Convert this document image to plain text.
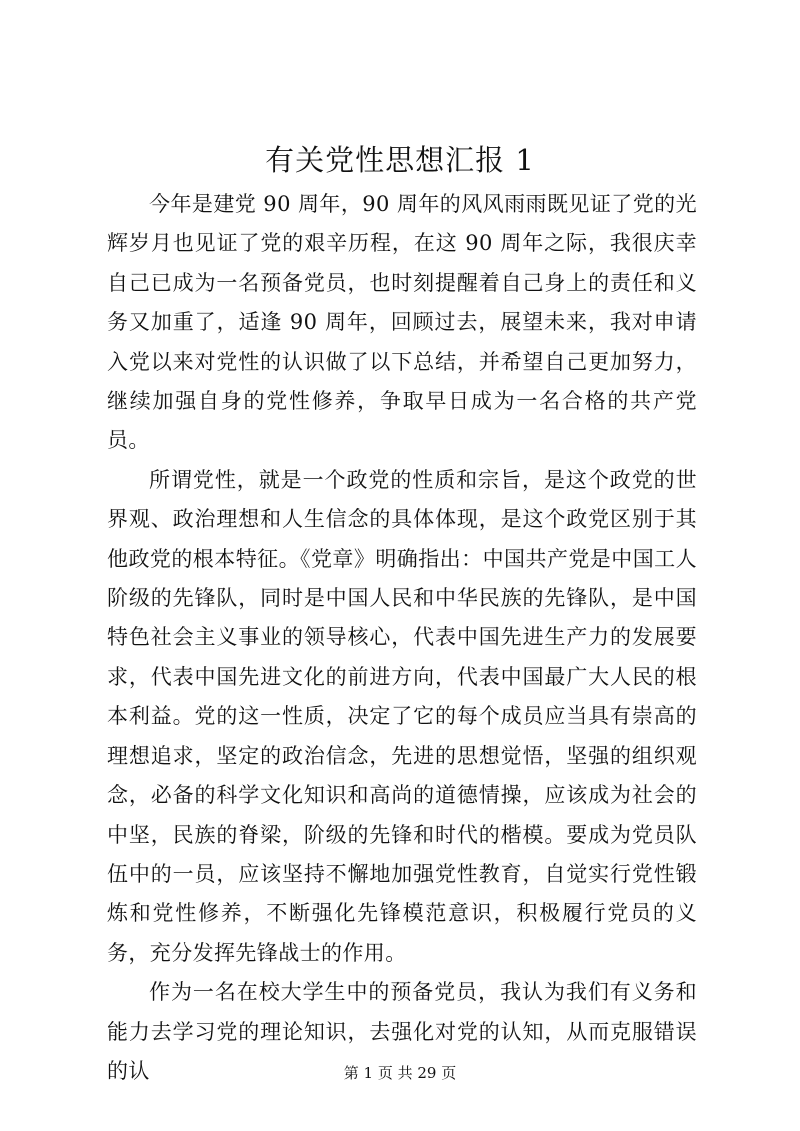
有关党性思想汇报 1

今年是建党 90 周年，90 周年的风风雨雨既见证了党的光辉岁月也见证了党的艰辛历程，在这 90 周年之际，我很庆幸自己已成为一名预备党员，也时刻提醒着自己身上的责任和义务又加重了，适逢 90 周年，回顾过去，展望未来，我对申请入党以来对党性的认识做了以下总结，并希望自己更加努力，继续加强自身的党性修养，争取早日成为一名合格的共产党员。

所谓党性，就是一个政党的性质和宗旨，是这个政党的世界观、政治理想和人生信念的具体体现，是这个政党区别于其他政党的根本特征。《党章》明确指出：中国共产党是中国工人阶级的先锋队，同时是中国人民和中华民族的先锋队，是中国特色社会主义事业的领导核心，代表中国先进生产力的发展要求，代表中国先进文化的前进方向，代表中国最广大人民的根本利益。党的这一性质，决定了它的每个成员应当具有崇高的理想追求，坚定的政治信念，先进的思想觉悟，坚强的组织观念，必备的科学文化知识和高尚的道德情操，应该成为社会的中坚，民族的脊梁，阶级的先锋和时代的楷模。要成为党员队伍中的一员，应该坚持不懈地加强党性教育，自觉实行党性锻炼和党性修养，不断强化先锋模范意识，积极履行党员的义务，充分发挥先锋战士的作用。

作为一名在校大学生中的预备党员，我认为我们有义务和能力去学习党的理论知识，去强化对党的认知，从而克服错误的认	第 1 页 共 29 页
